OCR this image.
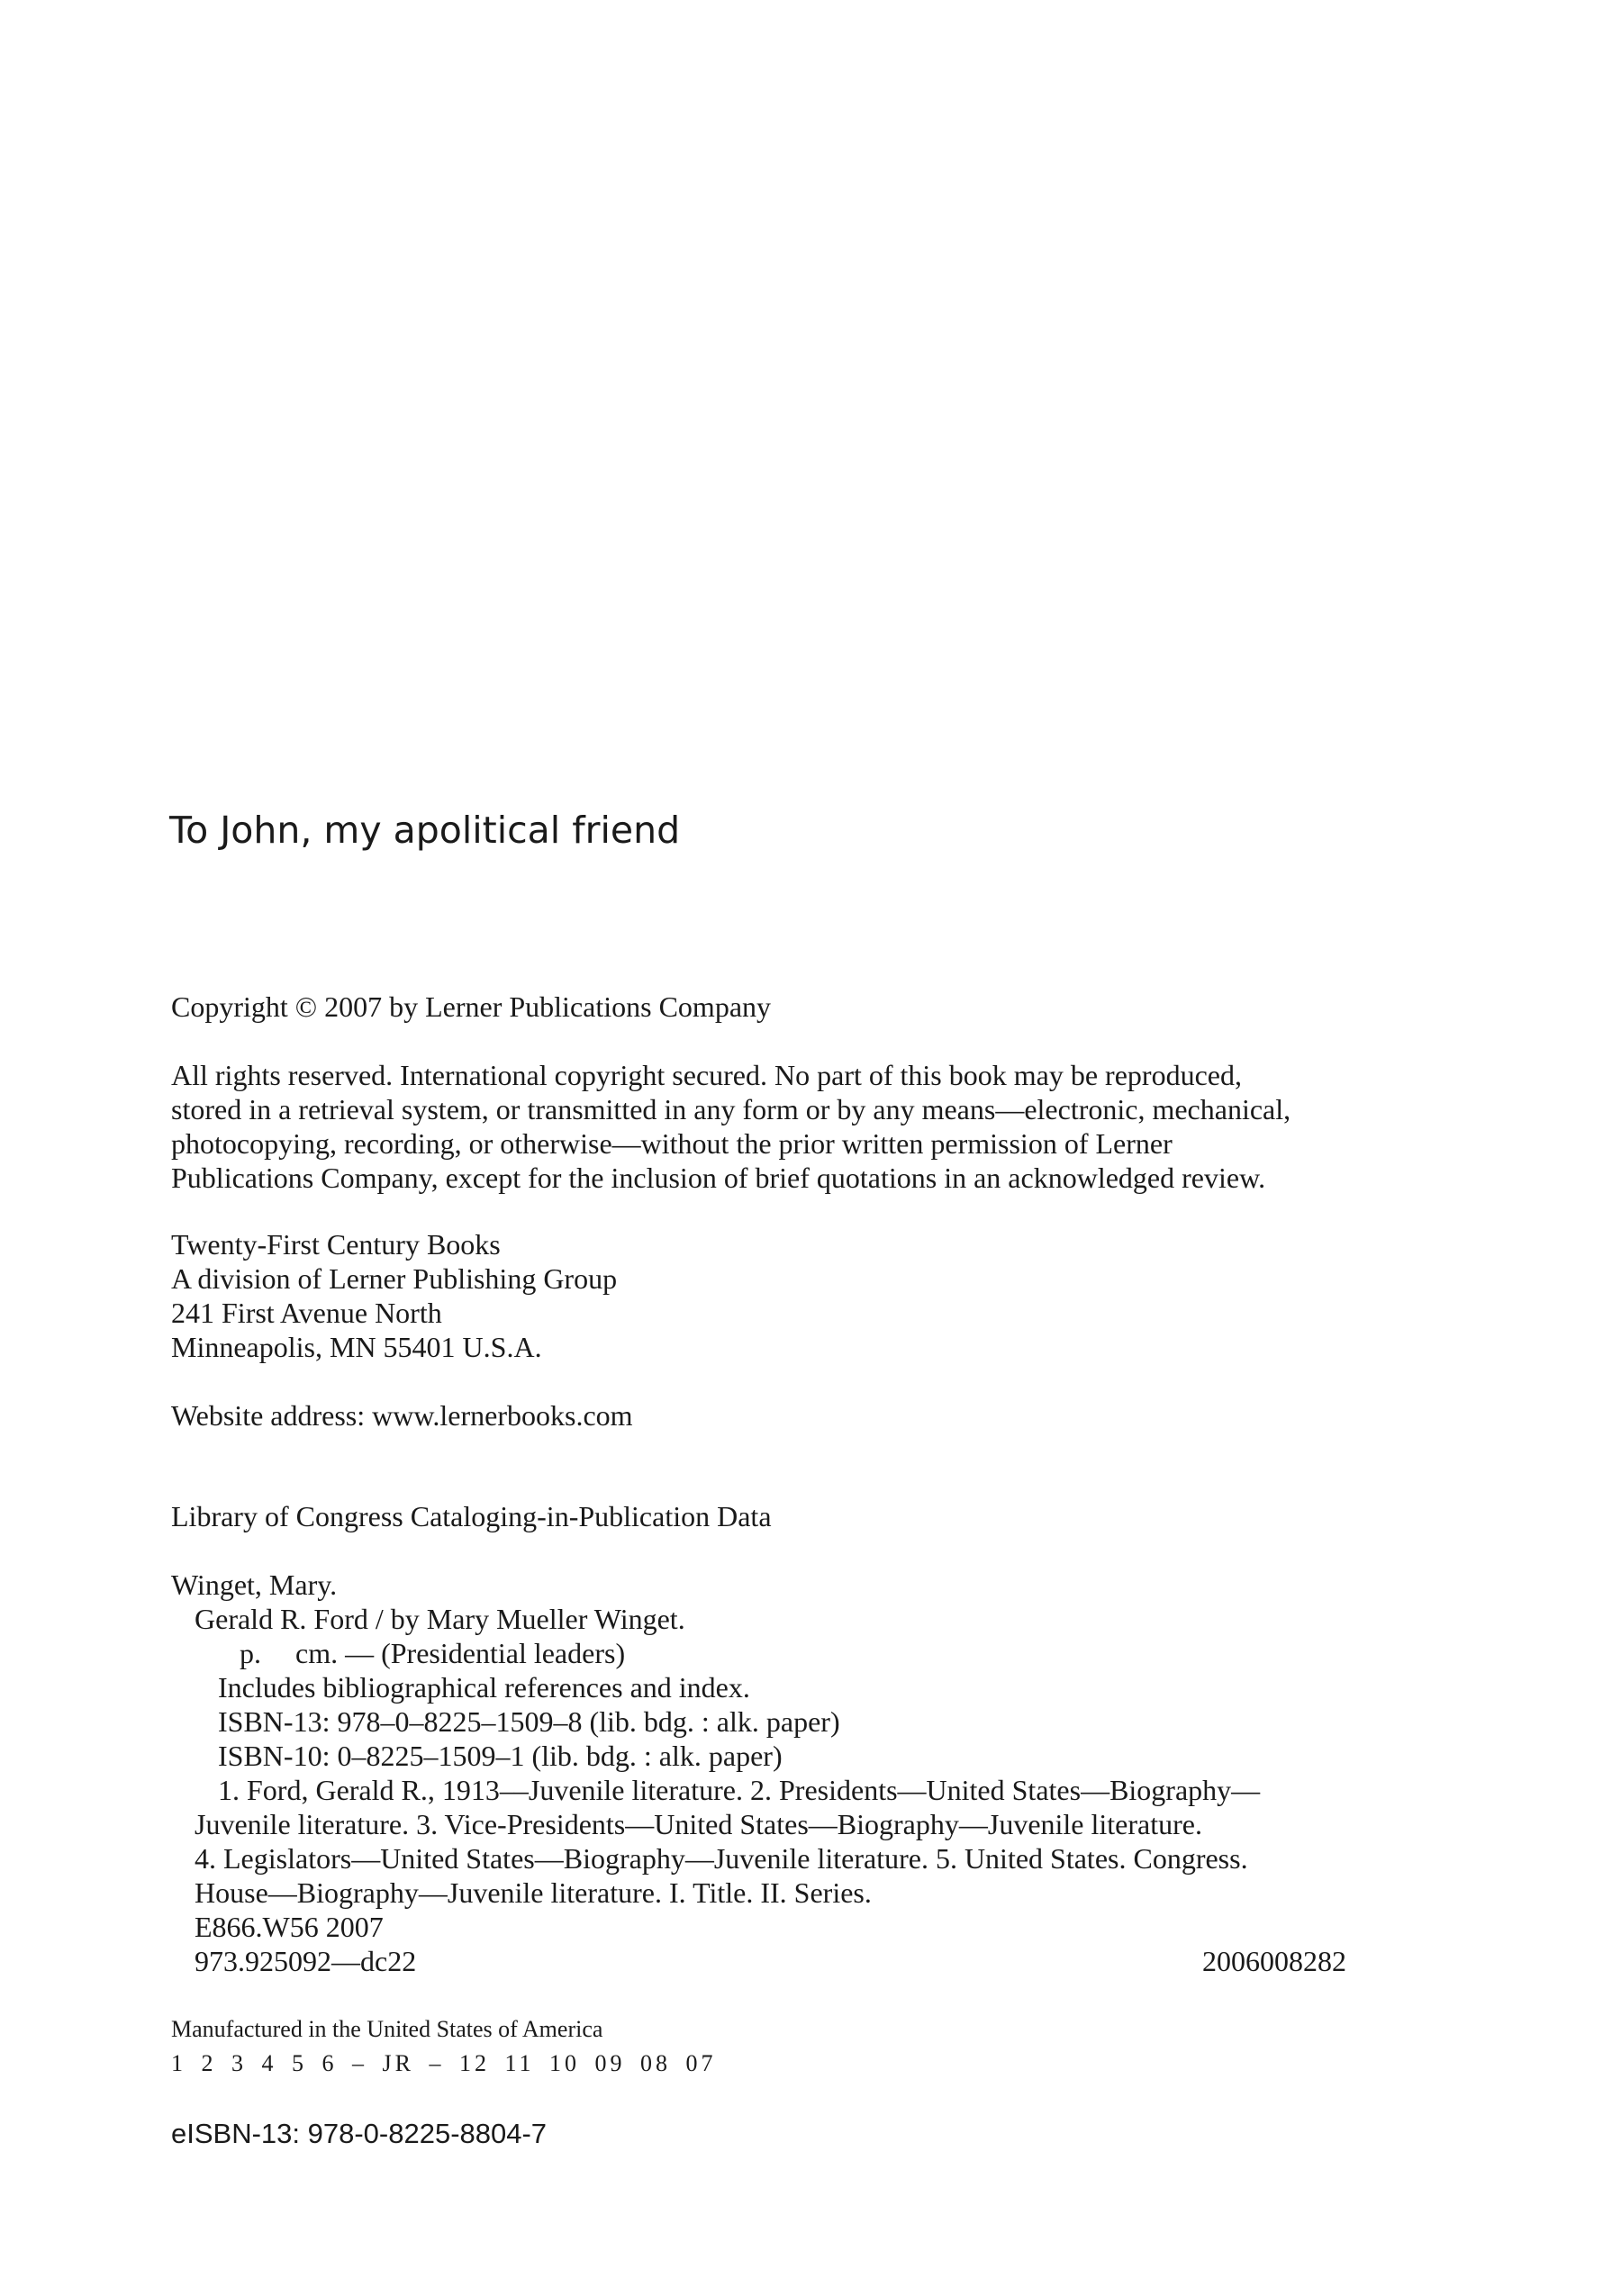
To John, my apolitical friend
Copyright © 2007 by Lerner Publications Company
All rights reserved. International copyright secured. No part of this book may be reproduced,
stored in a retrieval system, or transmitted in any form or by any means—electronic, mechanical,
photocopying, recording, or otherwise—without the prior written permission of Lerner
Publications Company, except for the inclusion of brief quotations in an acknowledged review.
Twenty-First Century Books
A division of Lerner Publishing Group
241 First Avenue North
Minneapolis, MN 55401 U.S.A.
Website address: www.lernerbooks.com
Library of Congress Cataloging-in-Publication Data
Winget, Mary.
Gerald R. Ford / by Mary Mueller Winget.
p. cm. — (Presidential leaders)
Includes bibliographical references and index.
ISBN-13: 978–0–8225–1509–8 (lib. bdg. : alk. paper)
ISBN-10: 0–8225–1509–1 (lib. bdg. : alk. paper)
1. Ford, Gerald R., 1913––Juvenile literature. 2. Presidents—United States—Biography—
Juvenile literature. 3. Vice-Presidents—United States—Biography—Juvenile literature.
4. Legislators—United States—Biography—Juvenile literature. 5. United States. Congress.
House—Biography—Juvenile literature. I. Title. II. Series.
E866.W56 2007
973.925092—dc22	2006008282
Manufactured in the United States of America
1 2 3 4 5 6 – JR – 12 11 10 09 08 07
eISBN-13: 978-0-8225-8804-7
